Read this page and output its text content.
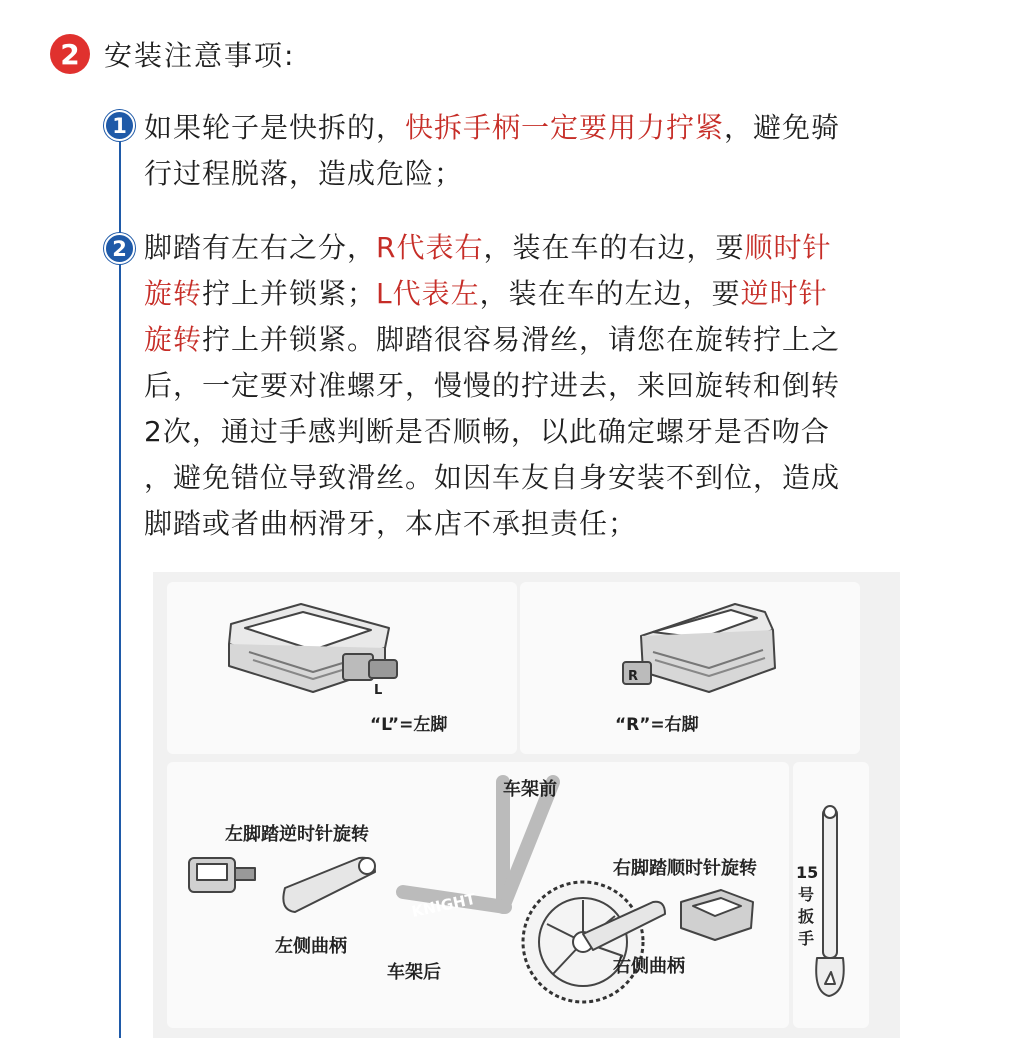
2 安装注意事项:
1 如果轮子是快拆的，快拆手柄一定要用力拧紧，避免骑
行过程脱落，造成危险；
2 脚踏有左右之分，R代表右，装在车的右边，要顺时针
旋转拧上并锁紧；L代表左，装在车的左边，要逆时针
旋转拧上并锁紧。脚踏很容易滑丝，请您在旋转拧上之
后，一定要对准螺牙，慢慢的拧进去，来回旋转和倒转
2次，通过手感判断是否顺畅，以此确定螺牙是否吻合
，避免错位导致滑丝。如因车友自身安装不到位，造成
脚踏或者曲柄滑牙，本店不承担责任；
L
R
KNIGHT
“L”=左脚	“R”=右脚
车架前
左脚踏逆时针旋转
右脚踏顺时针旋转
左侧曲柄
右侧曲柄
车架后
15号扳手
